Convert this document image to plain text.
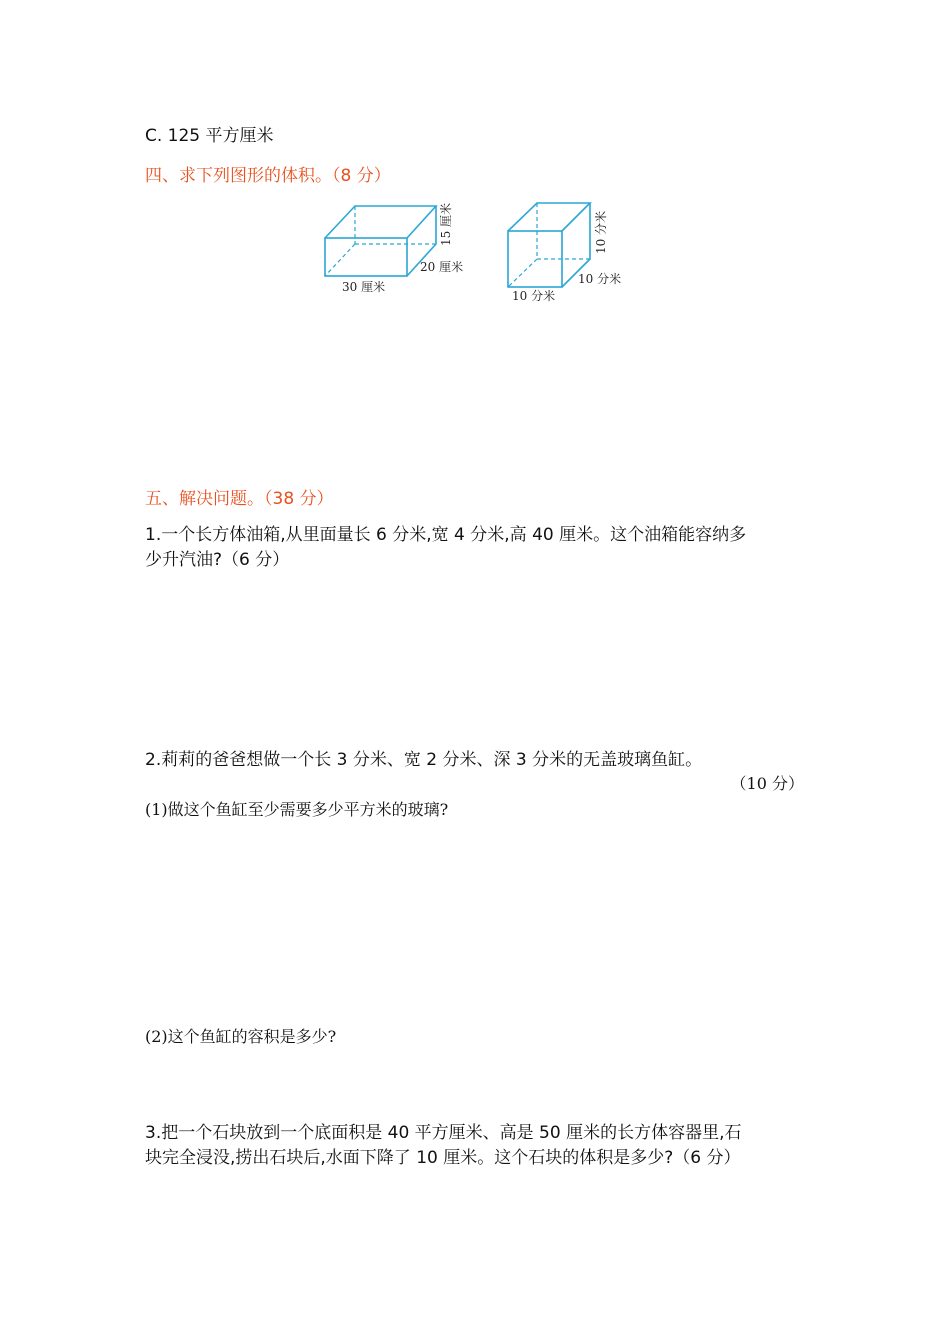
C. 125 平方厘米
四、求下列图形的体积。（8 分）
15 厘米
20 厘米
30 厘米
10 分米
10 分米
10 分米
五、解决问题。（38 分）
1.一个长方体油箱,从里面量长 6 分米,宽 4 分米,高 40 厘米。这个油箱能容纳多
少升汽油?（6 分）
2.莉莉的爸爸想做一个长 3 分米、宽 2 分米、深 3 分米的无盖玻璃鱼缸。
（10 分）
(1)做这个鱼缸至少需要多少平方米的玻璃?
(2)这个鱼缸的容积是多少?
3.把一个石块放到一个底面积是 40 平方厘米、高是 50 厘米的长方体容器里,石
块完全浸没,捞出石块后,水面下降了 10 厘米。这个石块的体积是多少?（6 分）
